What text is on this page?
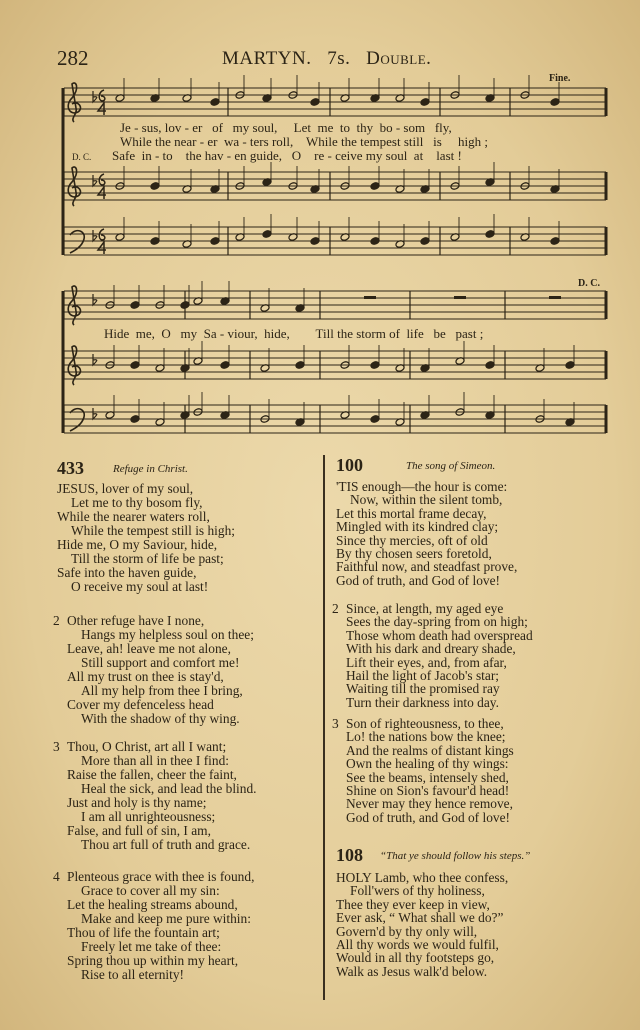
282	MARTYN. 7s. Double.
Fine.
D. C.
Je - sus, lov - er   of   my soul,     Let  me  to  thy  bo - som   fly,
While the near - er  wa - ters roll,    While the tempest still   is     high ;
D. C. Safe  in - to    the hav - en guide,   O    re - ceive my soul  at    last !
Hide  me,  O   my  Sa - viour,  hide,        Till the storm of  life   be   past ;
433	Refuge in Christ.
JESUS, lover of my soul,
Let me to thy bosom fly,
While the nearer waters roll,
While the tempest still is high;
Hide me, O my Saviour, hide,
Till the storm of life be past;
Safe into the haven guide,
O receive my soul at last!
2 Other refuge have I none,
Hangs my helpless soul on thee;
Leave, ah! leave me not alone,
Still support and comfort me!
All my trust on thee is stay'd,
All my help from thee I bring,
Cover my defenceless head
With the shadow of thy wing.
3 Thou, O Christ, art all I want;
More than all in thee I find:
Raise the fallen, cheer the faint,
Heal the sick, and lead the blind.
Just and holy is thy name;
I am all unrighteousness;
False, and full of sin, I am,
Thou art full of truth and grace.
4 Plenteous grace with thee is found,
Grace to cover all my sin:
Let the healing streams abound,
Make and keep me pure within:
Thou of life the fountain art;
Freely let me take of thee:
Spring thou up within my heart,
Rise to all eternity!
100	The song of Simeon.
'TIS enough—the hour is come:
Now, within the silent tomb,
Let this mortal frame decay,
Mingled with its kindred clay;
Since thy mercies, oft of old
By thy chosen seers foretold,
Faithful now, and steadfast prove,
God of truth, and God of love!
2 Since, at length, my aged eye
Sees the day-spring from on high;
Those whom death had overspread
With his dark and dreary shade,
Lift their eyes, and, from afar,
Hail the light of Jacob's star;
Waiting till the promised ray
Turn their darkness into day.
3 Son of righteousness, to thee,
Lo! the nations bow the knee;
And the realms of distant kings
Own the healing of thy wings:
See the beams, intensely shed,
Shine on Sion's favour'd head!
Never may they hence remove,
God of truth, and God of love!
108 “That ye should follow his steps.”
HOLY Lamb, who thee confess,
Foll'wers of thy holiness,
Thee they ever keep in view,
Ever ask, “ What shall we do?”
Govern'd by thy only will,
All thy words we would fulfil,
Would in all thy footsteps go,
Walk as Jesus walk'd below.
